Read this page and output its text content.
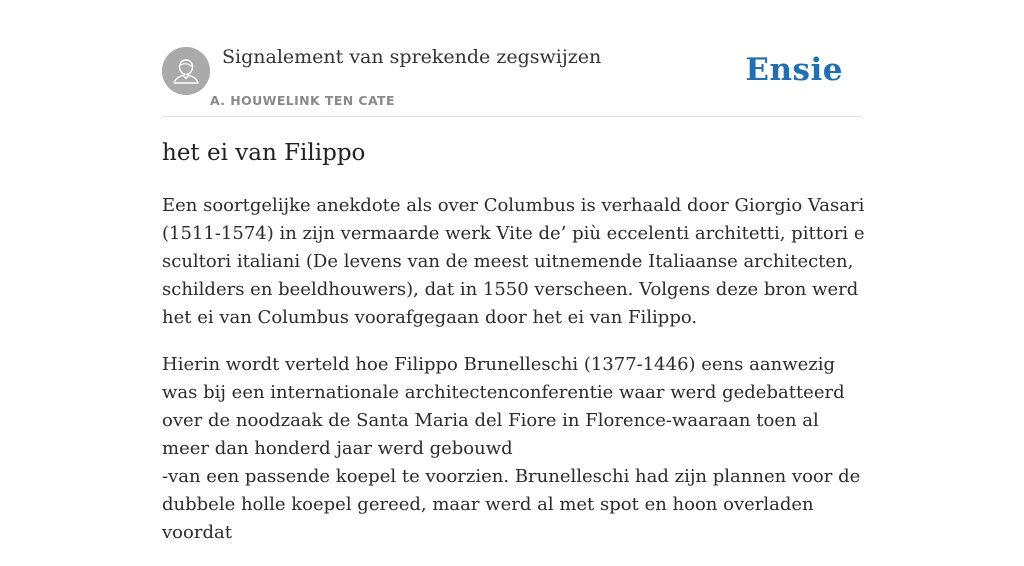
Signalement van sprekende zegswijzen
A. HOUWELINK TEN CATE
Ensie
het ei van Filippo

Een soortgelijke anekdote als over Columbus is verhaald door Giorgio Vasari (1511-1574) in zijn vermaarde werk Vite de’ più eccelenti architetti, pittori e scultori italiani (De levens van de meest uitnemende Italiaanse architecten, schilders en beeldhouwers), dat in 1550 verscheen. Volgens deze bron werd het ei van Columbus voorafgegaan door het ei van Filippo.

Hierin wordt verteld hoe Filippo Brunelleschi (1377-1446) eens aanwezig was bij een internationale architectenconferentie waar werd gedebatteerd over de noodzaak de Santa Maria del Fiore in Florence-waaraan toen al meer dan honderd jaar werd gebouwd
-van een passende koepel te voorzien. Brunelleschi had zijn plannen voor de dubbele holle koepel gereed, maar werd al met spot en hoon overladen voordat
